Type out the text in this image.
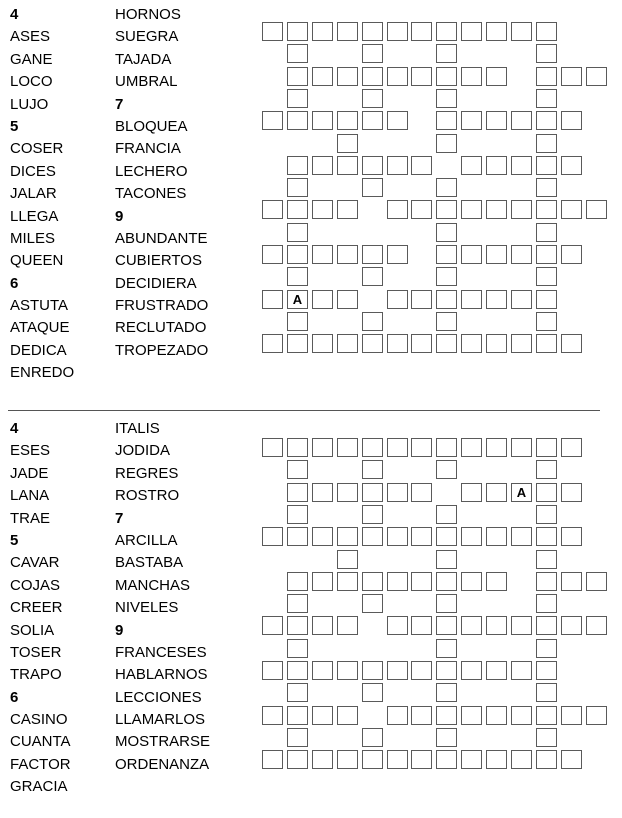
4
ASES
GANE
LOCO
LUJO
5
COSER
DICES
JALAR
LLEGA
MILES
QUEEN
6
ASTUTA
ATAQUE
DEDICA
ENREDO
HORNOS
SUEGRA
TAJADA
UMBRAL
7
BLOQUEA
FRANCIA
LECHERO
TACONES
9
ABUNDANTE
CUBIERTOS
DECIDIERA
FRUSTRADO
RECLUTADO
TROPEZADO
A
4
ESES
JADE
LANA
TRAE
5
CAVAR
COJAS
CREER
SOLIA
TOSER
TRAPO
6
CASINO
CUANTA
FACTOR
GRACIA
ITALIS
JODIDA
REGRES
ROSTRO
7
ARCILLA
BASTABA
MANCHAS
NIVELES
9
FRANCESES
HABLARNOS
LECCIONES
LLAMARLOS
MOSTRARSE
ORDENANZA
A
